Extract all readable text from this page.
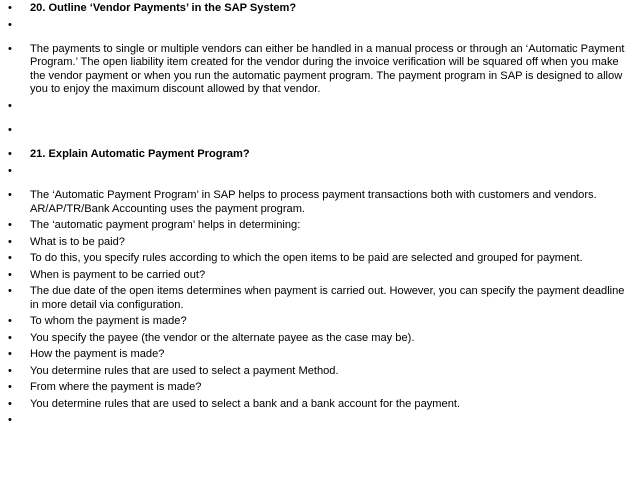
•	20. Outline ‘Vendor Payments’ in the SAP System?
•
•	The payments to single or multiple vendors can either be handled in a manual process or through an ‘Automatic Payment Program.’ The open liability item created for the vendor during the invoice verification will be squared off when you make the vendor payment or when you run the automatic payment program. The payment program in SAP is designed to allow you to enjoy the maximum discount allowed by that vendor.
•
•
•	21. Explain Automatic Payment Program?
•
•	The ‘Automatic Payment Program’ in SAP helps to process payment transactions both with customers and vendors. AR/AP/TR/Bank Accounting uses the payment program.
•	The ‘automatic payment program’ helps in determining:
•	What is to be paid?
•	To do this, you specify rules according to which the open items to be paid are selected and grouped for payment.
•	When is payment to be carried out?
•	The due date of the open items determines when payment is carried out. However, you can specify the payment deadline in more detail via configuration.
•	To whom the payment is made?
•	You specify the payee (the vendor or the alternate payee as the case may be).
•	How the payment is made?
•	You determine rules that are used to select a payment Method.
•	From where the payment is made?
•	You determine rules that are used to select a bank and a bank account for the payment.
•
